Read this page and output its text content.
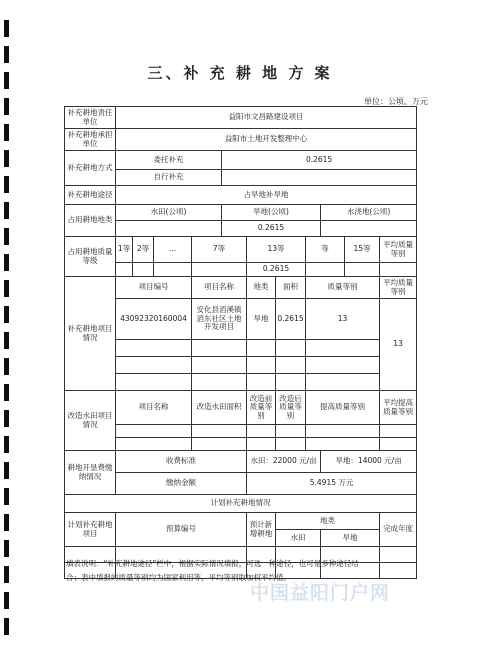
三、补 充 耕 地 方 案
单位：公顷、万元
补充耕地责任单位	益阳市文昌路建设项目										
补充耕地承担单位	益阳市土地开发整理中心										
补充耕地方式	委托补充				0.2615						
	自行补充										
补充耕地途径	占旱地补旱地										
占用耕地地类	水田(公顷)				旱地(公顷)				水浇地(公顷)		
					0.2615						
占用耕地质量等级	1等	2等	…	7等		13等		等		15等	平均质量等别
						0.2615					
补充耕地项目情况	项目编号			项目名称		地类	面积	质量等别			平均质量等别
	43092320160004			安化县滔溪镇滔东社区土地开发项目		旱地	0.2615	13			13

改造水田项目情况	项目名称			改造水田面积		改造前质量等别	改造后质量等别	提高质量等别			平均提高质量等别

耕地开垦费缴纳情况	收费标准					水田：22000 元/亩			旱地：14000 元/亩		
	缴纳金额					5.4915 万元					
计划补充耕地情况											
计划补充耕地项目	预算编号					预计新增耕地	地类				完成年度
							水田		旱地		

填表说明：“补充耕地途径”栏中，根据实际情况填报，可选一种途径，也可是多种途径结
合；表中填报的质量等别均为国家利用等，平均等别取加权平均值。
中国益阳门户网
